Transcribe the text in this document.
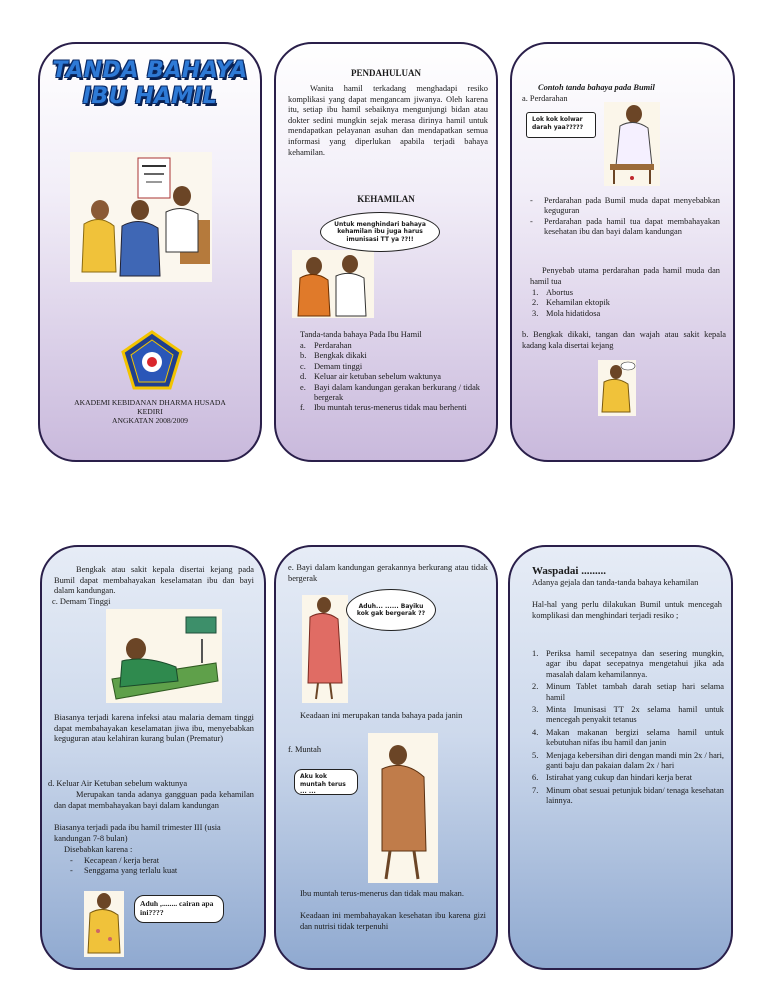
TANDA BAHAYA
IBU HAMIL
AKADEMI KEBIDANAN DHARMA HUSADA
KEDIRI
ANGKATAN 2008/2009
PENDAHULUAN
Wanita hamil terkadang menghadapi resiko komplikasi yang dapat mengancam jiwanya. Oleh karena itu, setiap ibu hamil sebaiknya mengunjungi bidan atau dokter sedini mungkin sejak merasa dirinya hamil untuk mendapatkan pelayanan asuhan dan mendapatkan semua informasi yang diperlukan apabila terjadi bahaya kehamilan.
KEHAMILAN
Untuk menghindari bahaya kehamilan ibu juga harus imunisasi TT ya ??!!
Tanda-tanda bahaya Pada Ibu Hamil
a. Perdarahan
b. Bengkak dikaki
c. Demam tinggi
d. Keluar air ketuban sebelum waktunya
e. Bayi dalam kandungan gerakan berkurang / tidak bergerak
f.	Ibu muntah terus-menerus tidak mau berhenti
Contoh tanda bahaya pada Bumil
a. Perdarahan
Lok kok kolwar darah yaa?????
-	Perdarahan pada Bumil muda dapat menyebabkan keguguran
-	Perdarahan pada hamil tua dapat membahayakan kesehatan ibu dan bayi dalam kandungan
Penyebab utama perdarahan pada hamil muda dan hamil tua
1. Abortus
2. Kehamilan ektopik
3. Mola hidatidosa
b. Bengkak dikaki, tangan dan wajah atau sakit kepala kadang kala disertai kejang
Bengkak atau sakit kepala disertai kejang pada Bumil dapat membahayakan keselamatan ibu dan bayi dalam kandungan.
c. Demam Tinggi
Biasanya terjadi karena infeksi atau malaria demam tinggi dapat membahayakan keselamatan jiwa ibu, menyebabkan keguguran atau kelahiran kurang bulan (Prematur)
d. Keluar Air Ketuban sebelum waktunya
Merupakan tanda adanya gangguan pada kehamilan dan dapat membahayakan bayi dalam kandungan
Biasanya terjadi pada ibu hamil trimester III (usia kandungan 7-8 bulan)
Disebabkan karena :
-	Kecapean / kerja berat
-	Senggama yang terlalu kuat
Aduh ,........ cairan apa ini????
e. Bayi dalam kandungan gerakannya berkurang atau tidak bergerak
Aduh... ...... Bayiku kok gak bergerak ??
Keadaan ini merupakan tanda bahaya pada janin
f. Muntah
Aku kok muntah terus ... ...
Ibu muntah terus-menerus dan tidak mau makan.
Keadaan ini membahayakan kesehatan ibu karena gizi dan nutrisi tidak terpenuhi
Waspadai .........
Adanya gejala dan tanda-tanda bahaya kehamilan
Hal-hal yang perlu dilakukan Bumil untuk mencegah komplikasi dan menghindari terjadi resiko ;
1. Periksa hamil secepatnya dan sesering mungkin, agar ibu dapat secepatnya mengetahui jika ada masalah dalam kehamilannya.
2. Minum Tablet tambah darah setiap hari selama hamil
3. Minta Imunisasi TT 2x selama hamil untuk mencegah penyakit tetanus
4. Makan makanan bergizi selama hamil untuk kebutuhan nifas ibu hamil dan janin
5. Menjaga kebersihan diri dengan mandi min 2x / hari, ganti baju dan pakaian dalam 2x / hari
6. Istirahat yang cukup dan hindari kerja berat
7. Minum obat sesuai petunjuk bidan/ tenaga kesehatan lainnya.
